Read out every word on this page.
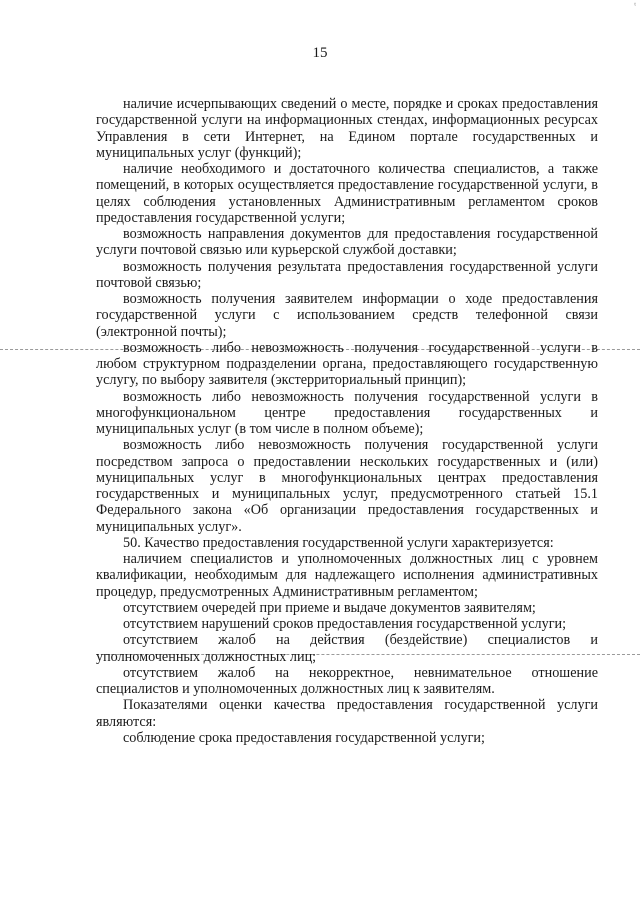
ᵗ
15

наличие исчерпывающих сведений о месте, порядке и сроках предоставления государственной услуги на информационных стендах, информационных ресурсах Управления в сети Интернет, на Едином портале государственных и муниципальных услуг (функций);

наличие необходимого и достаточного количества специалистов, а также помещений, в которых осуществляется предоставление государственной услуги, в целях соблюдения установленных Административным регламентом сроков предоставления государственной услуги;

возможность направления документов для предоставления государственной услуги почтовой связью или курьерской службой доставки;

возможность получения результата предоставления государственной услуги почтовой связью;

возможность получения заявителем информации о ходе предоставления государственной услуги с использованием средств телефонной связи (электронной почты);

возможность либо невозможность получения государственной услуги в любом структурном подразделении органа, предоставляющего государственную услугу, по выбору заявителя (экстерриториальный принцип);

возможность либо невозможность получения государственной услуги в многофункциональном центре предоставления государственных и муниципальных услуг (в том числе в полном объеме);

возможность либо невозможность получения государственной услуги посредством запроса о предоставлении нескольких государственных и (или) муниципальных услуг в многофункциональных центрах предоставления государственных и муниципальных услуг, предусмотренного статьей 15.1 Федерального закона «Об организации предоставления государственных и муниципальных услуг».

50. Качество предоставления государственной услуги характеризуется:

наличием специалистов и уполномоченных должностных лиц с уровнем квалификации, необходимым для надлежащего исполнения административных процедур, предусмотренных Административным регламентом;

отсутствием очередей при приеме и выдаче документов заявителям;

отсутствием нарушений сроков предоставления государственной услуги;

отсутствием жалоб на действия (бездействие) специалистов и уполномоченных должностных лиц;

отсутствием жалоб на некорректное, невнимательное отношение специалистов и уполномоченных должностных лиц к заявителям.

Показателями оценки качества предоставления государственной услуги являются:

соблюдение срока предоставления государственной услуги;
